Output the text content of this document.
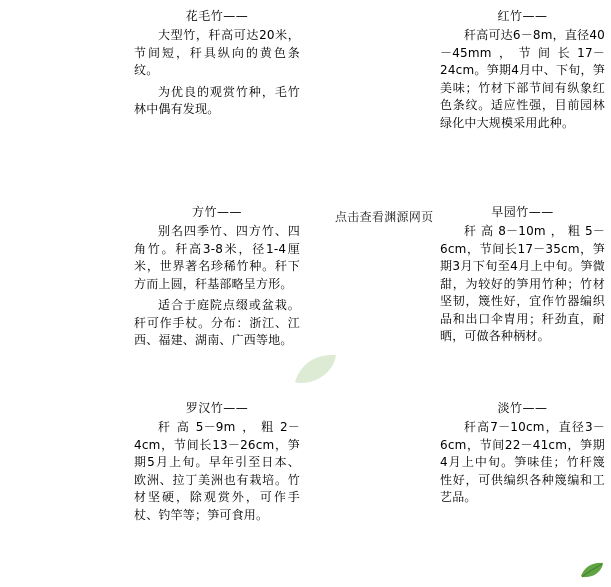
花毛竹——

大型竹，秆高可达20米，节间短，秆具纵向的黄色条纹。

为优良的观赏竹种，毛竹林中偶有发现。

红竹——

秆高可达6－8m，直径40－45mm，节间长17－24cm。笋期4月中、下旬，笋美味；竹材下部节间有纵象红色条纹。适应性强，目前园林绿化中大规模采用此种。

方竹——

别名四季竹、四方竹、四角竹。秆高3-8米，径1-4厘米，世界著名珍稀竹种。秆下方而上圆，秆基部略呈方形。

适合于庭院点缀或盆栽。秆可作手杖。分布：浙江、江西、福建、湖南、广西等地。

早园竹——

秆高8－10m，粗5－6cm，节间长17－35cm，笋期3月下旬至4月上中旬。笋微甜，为较好的笋用竹种；竹材坚韧，篾性好，宜作竹器编织品和出口伞胄用；秆劲直，耐晒，可做各种柄材。

罗汉竹——

秆高5－9m，粗2－4cm，节间长13－26cm，笋期5月上旬。早年引至日本、欧洲、拉丁美洲也有栽培。竹材坚硬，除观赏外，可作手杖、钓竿等；笋可食用。

淡竹——

秆高7－10cm，直径3－6cm，节间22－41cm，笋期4月上中旬。笋味佳；竹秆篾性好，可供编织各种篾编和工艺品。

点击查看渊源网页
